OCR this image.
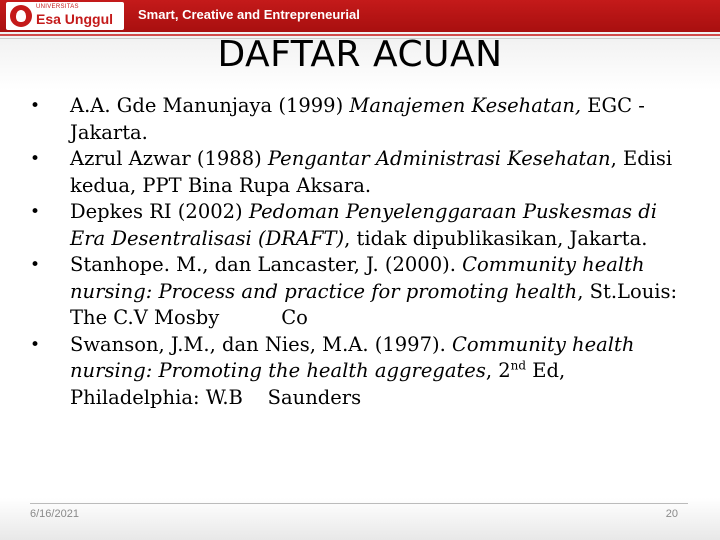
UNIVERSITAS
Esa Unggul Smart, Creative and Entrepreneurial
DAFTAR ACUAN
• A.A. Gde Manunjaya (1999) Manajemen Kesehatan, EGC -Jakarta.
• Azrul Azwar (1988) Pengantar Administrasi Kesehatan, Edisi kedua, PPT Bina Rupa Aksara.
• Depkes RI (2002) Pedoman Penyelenggaraan Puskesmas di Era Desentralisasi (DRAFT), tidak dipublikasikan, Jakarta.
• Stanhope. M., dan Lancaster, J. (2000). Community health nursing: Process and practice for promoting health, St.Louis: The C.V Mosby          Co
• Swanson, J.M., dan Nies, M.A. (1997). Community health nursing: Promoting the health aggregates, 2nd Ed, Philadelphia: W.B    Saunders
6/16/2021	20
